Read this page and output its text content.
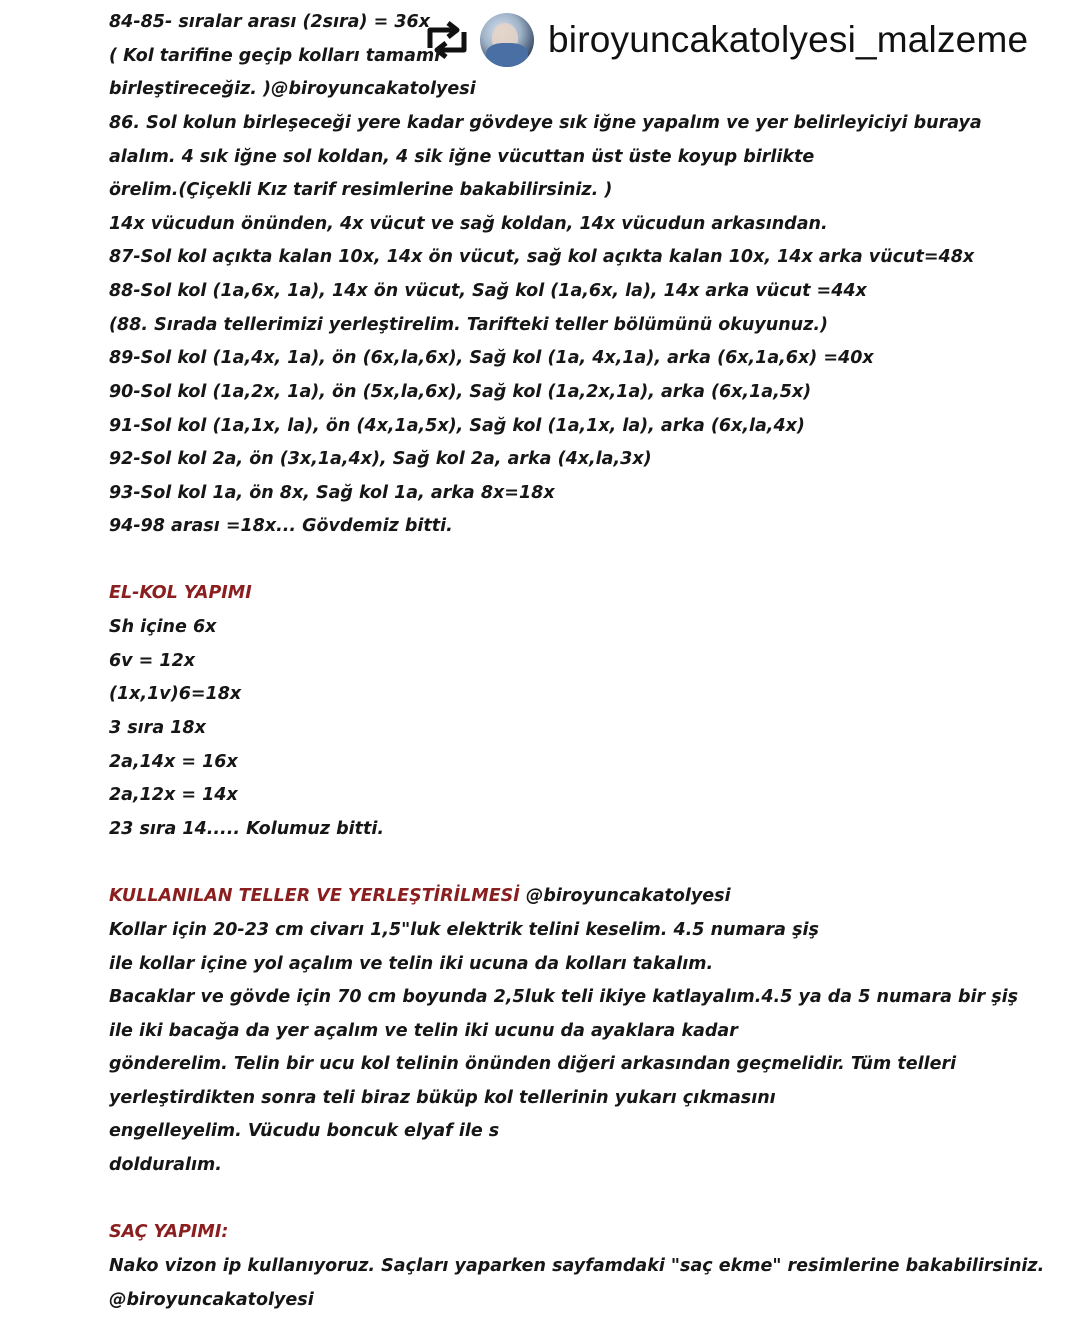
biroyuncakatolyesi_malzeme
84-85- sıralar arası (2sıra) = 36x
( Kol tarifine geçip kolları tamaml
birleştireceğiz. )@biroyuncakatolyesi
86. Sol kolun birleşeceği yere kadar gövdeye sık iğne yapalım ve yer belirleyiciyi buraya
alalım. 4 sık iğne sol koldan, 4 sik iğne vücuttan üst üste koyup birlikte
örelim.(Çiçekli Kız tarif resimlerine bakabilirsiniz. )
14x vücudun önünden, 4x vücut ve sağ koldan, 14x vücudun arkasından.
87-Sol kol açıkta kalan 10x, 14x ön vücut, sağ kol açıkta kalan 10x, 14x arka vücut=48x
88-Sol kol (1a,6x, 1a), 14x ön vücut, Sağ kol (1a,6x, la), 14x arka vücut =44x
(88. Sırada tellerimizi yerleştirelim. Tarifteki teller bölümünü okuyunuz.)
89-Sol kol (1a,4x, 1a), ön (6x,la,6x), Sağ kol (1a, 4x,1a), arka (6x,1a,6x) =40x
90-Sol kol (1a,2x, 1a), ön (5x,la,6x), Sağ kol (1a,2x,1a), arka (6x,1a,5x)
91-Sol kol (1a,1x, la), ön (4x,1a,5x), Sağ kol (1a,1x, la), arka (6x,la,4x)
92-Sol kol 2a, ön (3x,1a,4x), Sağ kol 2a, arka (4x,la,3x)
93-Sol kol 1a, ön 8x, Sağ kol 1a, arka 8x=18x
94-98 arası =18x... Gövdemiz bitti.
EL-KOL YAPIMI
Sh içine 6x
6v = 12x
(1x,1v)6=18x
3 sıra 18x
2a,14x = 16x
2a,12x = 14x
23 sıra 14..... Kolumuz bitti.
KULLANILAN TELLER VE YERLEŞTİRİLMESİ @biroyuncakatolyesi
Kollar için 20-23 cm civarı 1,5"luk elektrik telini keselim. 4.5 numara şiş
ile kollar içine yol açalım ve telin iki ucuna da kolları takalım.
Bacaklar ve gövde için 70 cm boyunda 2,5luk teli ikiye katlayalım.4.5 ya da 5 numara bir şiş
ile iki bacağa da yer açalım ve telin iki ucunu da ayaklara kadar
gönderelim. Telin bir ucu kol telinin önünden diğeri arkasından geçmelidir. Tüm telleri
yerleştirdikten sonra teli biraz büküp kol tellerinin yukarı çıkmasını
engelleyelim. Vücudu boncuk elyaf ile s
dolduralım.
SAÇ YAPIMI:
Nako vizon ip kullanıyoruz. Saçları yaparken sayfamdaki "saç ekme" resimlerine bakabilirsiniz.
@biroyuncakatolyesi
